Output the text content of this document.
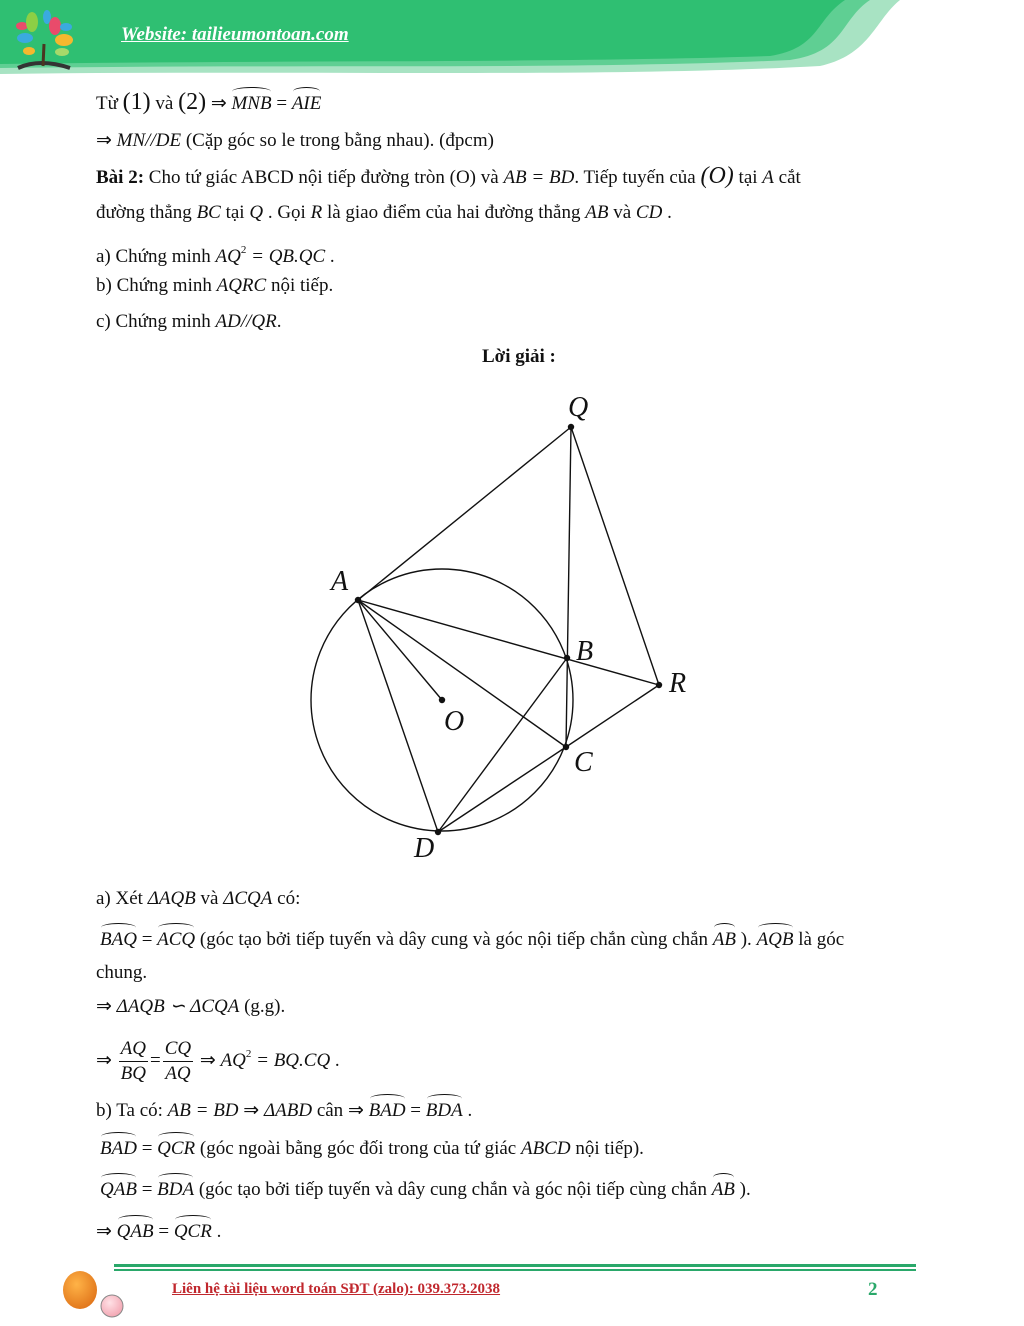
Website: tailieumontoan.com
Từ (1) và (2) ⇒ MNB = AIE
⇒ MN//DE (Cặp góc so le trong bằng nhau). (đpcm)
Bài 2: Cho tứ giác ABCD nội tiếp đường tròn (O) và AB = BD. Tiếp tuyến của (O) tại A cắt
đường thẳng BC tại Q . Gọi R là giao điểm của hai đường thẳng AB và CD .
a) Chứng minh $AQ^2 = QB.QC$ .
b) Chứng minh AQRC nội tiếp.
c) Chứng minh AD//QR.
Lời giải :
Q
A
B
R
O
C
D
a) Xét ΔAQB và ΔCQA có:
BAQ = ACQ (góc tạo bởi tiếp tuyến và dây cung và góc nội tiếp chắn cùng chắn AB ). AQB là góc
chung.
⇒ ΔAQB ∽ ΔCQA (g.g).
⇒ $\frac{AQ}{BQ} = \frac{CQ}{AQ}$ ⇒ $AQ^2 = BQ.CQ$ .
b) Ta có: AB = BD ⇒ ΔABD cân ⇒ BAD = BDA .
BAD = QCR (góc ngoài bằng góc đối trong của tứ giác ABCD nội tiếp).
QAB = BDA (góc tạo bởi tiếp tuyến và dây cung chắn và góc nội tiếp cùng chắn AB ).
⇒ QAB = QCR .
Liên hệ tài liệu word toán SĐT (zalo): 039.373.2038	2
